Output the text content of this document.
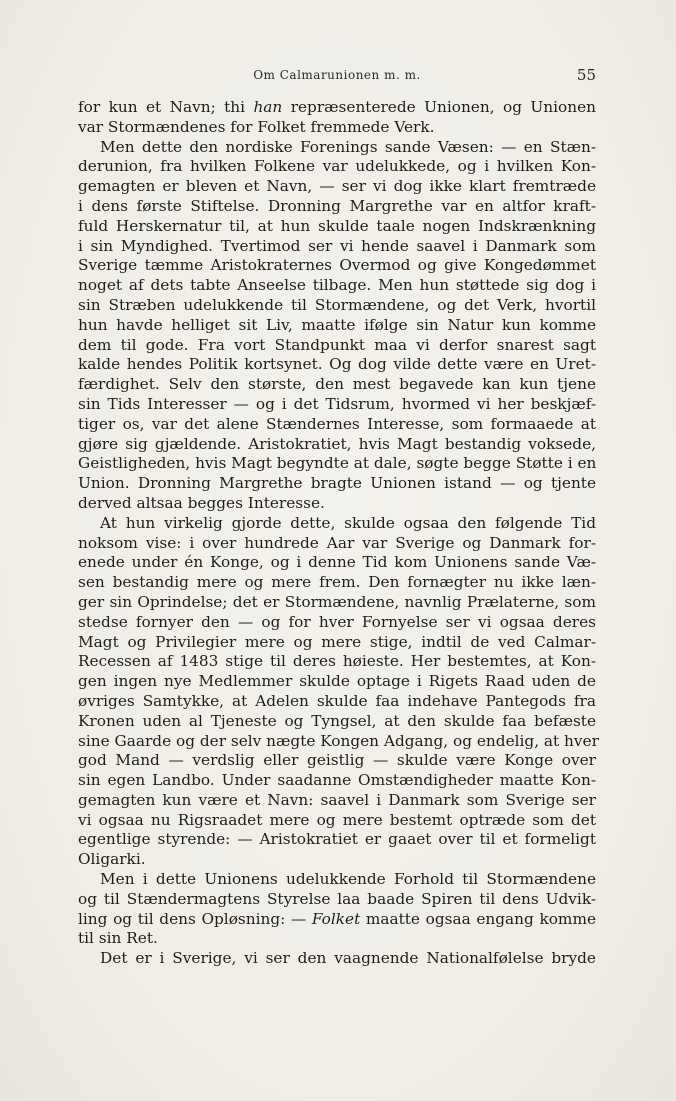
Om Calmarunionen m. m.	55
for kun et Navn; thi han repræsenterede Unionen, og Unionen
var Stormændenes for Folket fremmede Verk.
Men dette den nordiske Forenings sande Væsen: — en Stæn-
derunion, fra hvilken Folkene var udelukkede, og i hvilken Kon-
gemagten er bleven et Navn, — ser vi dog ikke klart fremtræde
i dens første Stiftelse. Dronning Margrethe var en altfor kraft-
fuld Herskernatur til, at hun skulde taale nogen Indskrænkning
i sin Myndighed. Tvertimod ser vi hende saavel i Danmark som
Sverige tæmme Aristokraternes Overmod og give Kongedømmet
noget af dets tabte Anseelse tilbage. Men hun støttede sig dog i
sin Stræben udelukkende til Stormændene, og det Verk, hvortil
hun havde helliget sit Liv, maatte ifølge sin Natur kun komme
dem til gode. Fra vort Standpunkt maa vi derfor snarest sagt
kalde hendes Politik kortsynet. Og dog vilde dette være en Uret-
færdighet. Selv den største, den mest begavede kan kun tjene
sin Tids Interesser — og i det Tidsrum, hvormed vi her beskjæf-
tiger os, var det alene Stændernes Interesse, som formaaede at
gjøre sig gjældende. Aristokratiet, hvis Magt bestandig voksede,
Geistligheden, hvis Magt begyndte at dale, søgte begge Støtte i en
Union. Dronning Margrethe bragte Unionen istand — og tjente
derved altsaa begges Interesse.
At hun virkelig gjorde dette, skulde ogsaa den følgende Tid
noksom vise: i over hundrede Aar var Sverige og Danmark for-
enede under én Konge, og i denne Tid kom Unionens sande Væ-
sen bestandig mere og mere frem. Den fornægter nu ikke læn-
ger sin Oprindelse; det er Stormændene, navnlig Prælaterne, som
stedse fornyer den — og for hver Fornyelse ser vi ogsaa deres
Magt og Privilegier mere og mere stige, indtil de ved Calmar-
Recessen af 1483 stige til deres høieste. Her bestemtes, at Kon-
gen ingen nye Medlemmer skulde optage i Rigets Raad uden de
øvriges Samtykke, at Adelen skulde faa indehave Pantegods fra
Kronen uden al Tjeneste og Tyngsel, at den skulde faa befæste
sine Gaarde og der selv nægte Kongen Adgang, og endelig, at hver
god Mand — verdslig eller geistlig — skulde være Konge over
sin egen Landbo. Under saadanne Omstændigheder maatte Kon-
gemagten kun være et Navn: saavel i Danmark som Sverige ser
vi ogsaa nu Rigsraadet mere og mere bestemt optræde som det
egentlige styrende: — Aristokratiet er gaaet over til et formeligt
Oligarki.
Men i dette Unionens udelukkende Forhold til Stormændene
og til Stændermagtens Styrelse laa baade Spiren til dens Udvik-
ling og til dens Opløsning: — Folket maatte ogsaa engang komme
til sin Ret.
Det er i Sverige, vi ser den vaagnende Nationalfølelse bryde
